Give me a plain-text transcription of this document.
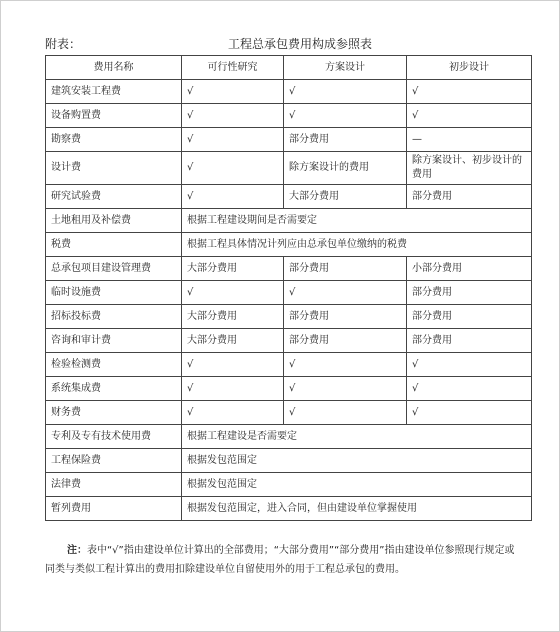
附表：	工程总承包费用构成参照表
费用名称	可行性研究	方案设计	初步设计
建筑安装工程费	√	√	√
设备购置费	√	√	√
勘察费	√	部分费用	—
设计费	√	除方案设计的费用	除方案设计、初步设计的费用
研究试验费	√	大部分费用	部分费用
土地租用及补偿费	根据工程建设期间是否需要定		
税费	根据工程具体情况计列应由总承包单位缴纳的税费		
总承包项目建设管理费	大部分费用	部分费用	小部分费用
临时设施费	√	√	部分费用
招标投标费	大部分费用	部分费用	部分费用
咨询和审计费	大部分费用	部分费用	部分费用
检验检测费	√	√	√
系统集成费	√	√	√
财务费	√	√	√
专利及专有技术使用费	根据工程建设是否需要定		
工程保险费	根据发包范围定		
法律费	根据发包范围定		
暂列费用	根据发包范围定，进入合同，但由建设单位掌握使用		
注：表中“√”指由建设单位计算出的全部费用；“大部分费用”“部分费用”指由建设单位参照现行规定或同类与类似工程计算出的费用扣除建设单位自留使用外的用于工程总承包的费用。
